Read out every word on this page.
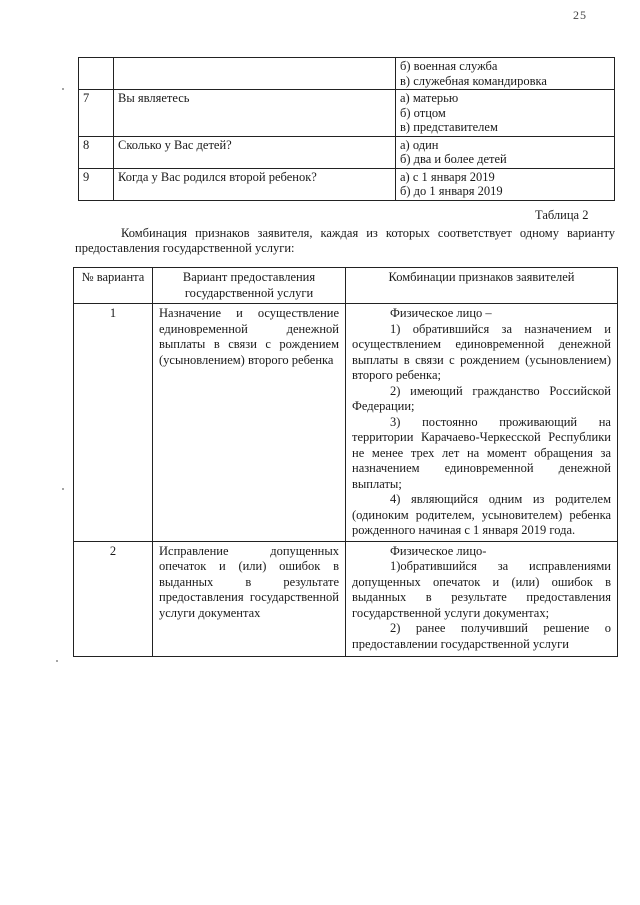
25

		б) военная служба
в) служебная командировка

7	Вы являетесь	а) матерью
б) отцом
в) представителем

8	Сколько у Вас детей?	а) один
б) два и более детей

9	Когда у Вас родился второй ребенок?	а) с 1 января 2019
б) до 1 января 2019
Таблица 2
Комбинация признаков заявителя, каждая из которых соответствует одному варианту предоставления государственной услуги:
№ варианта	Вариант предоставления государственной услуги	Комбинации признаков заявителей
1	Назначение и осуществление единовременной денежной выплаты в связи с рождением (усыновлением) второго ребенка	Физическое лицо –
1) обратившийся за назначением и осуществлением единовременной денежной выплаты в связи с рождением (усыновлением) второго ребенка;
2) имеющий гражданство Российской Федерации;
3) постоянно проживающий на территории Карачаево-Черкесской Республики не менее трех лет на момент обращения за назначением единовременной денежной выплаты;
4) являющийся одним из родителем (одиноким родителем, усыновителем) ребенка рожденного начиная с 1 января 2019 года.

2	Исправление допущенных опечаток и (или) ошибок в выданных в результате предоставления государственной услуги документах	Физическое лицо-
1)обратившийся за исправлениями допущенных опечаток и (или) ошибок в выданных в результате предоставления государственной услуги документах;
2) ранее получивший решение о предоставлении государственной услуги
